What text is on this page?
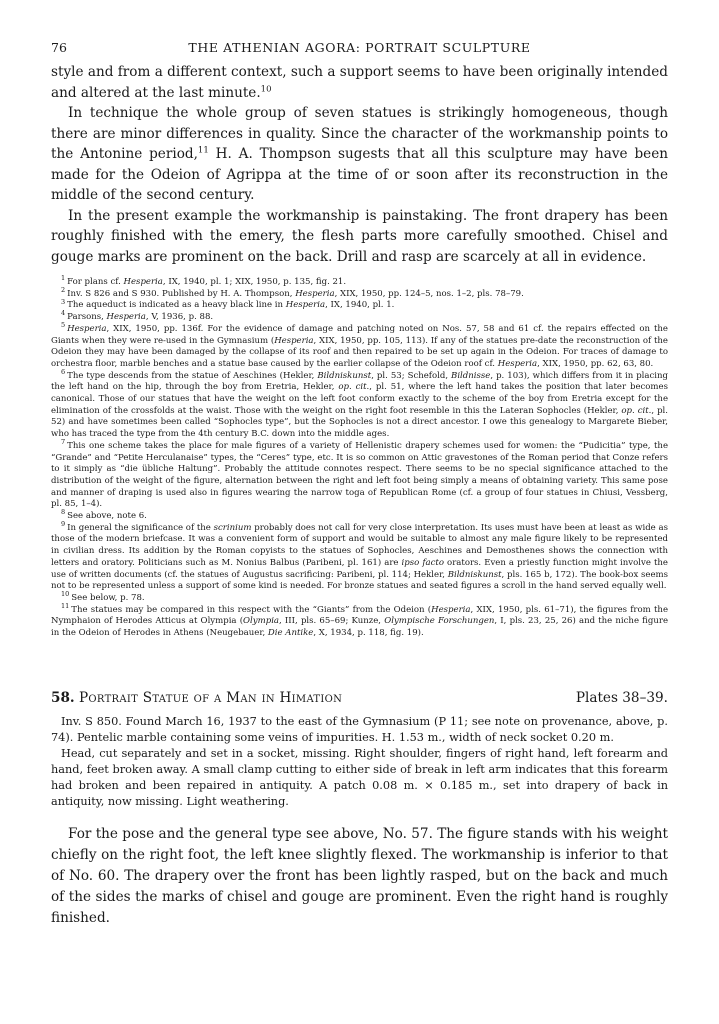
76	THE ATHENIAN AGORA: PORTRAIT SCULPTURE

style and from a different context, such a support seems to have been originally intended and altered at the last minute.$^{10}$

In technique the whole group of seven statues is strikingly homogeneous, though there are minor differences in quality. Since the character of the workmanship points to the Antonine period,$^{11}$ H. A. Thompson sugests that all this sculpture may have been made for the Odeion of Agrippa at the time of or soon after its reconstruction in the middle of the second century.

In the present example the workmanship is painstaking. The front drapery has been roughly finished with the emery, the flesh parts more carefully smoothed. Chisel and gouge marks are prominent on the back. Drill and rasp are scarcely at all in evidence.

$^1$ For plans cf. Hesperia, IX, 1940, pl. 1; XIX, 1950, p. 135, fig. 21.

$^2$ Inv. S 826 and S 930. Published by H. A. Thompson, Hesperia, XIX, 1950, pp. 124–5, nos. 1–2, pls. 78–79.

$^3$ The aqueduct is indicated as a heavy black line in Hesperia, IX, 1940, pl. 1.

$^4$ Parsons, Hesperia, V, 1936, p. 88.

$^5$ Hesperia, XIX, 1950, pp. 136f. For the evidence of damage and patching noted on Nos. 57, 58 and 61 cf. the repairs effected on the Giants when they were re-used in the Gymnasium (Hesperia, XIX, 1950, pp. 105, 113). If any of the statues pre-date the reconstruction of the Odeion they may have been damaged by the collapse of its roof and then repaired to be set up again in the Odeion. For traces of damage to orchestra floor, marble benches and a statue base caused by the earlier collapse of the Odeion roof cf. Hesperia, XIX, 1950, pp. 62, 63, 80.

$^6$ The type descends from the statue of Aeschines (Hekler, Bildniskunst, pl. 53; Schefold, Bildnisse, p. 103), which differs from it in placing the left hand on the hip, through the boy from Eretria, Hekler, op. cit., pl. 51, where the left hand takes the position that later becomes canonical. Those of our statues that have the weight on the left foot conform exactly to the scheme of the boy from Eretria except for the elimination of the crossfolds at the waist. Those with the weight on the right foot resemble in this the Lateran Sophocles (Hekler, op. cit., pl. 52) and have sometimes been called “Sophocles type”, but the Sophocles is not a direct ancestor. I owe this genealogy to Margarete Bieber, who has traced the type from the 4th century B.C. down into the middle ages.

$^7$ This one scheme takes the place for male figures of a variety of Hellenistic drapery schemes used for women: the “Pudicitia” type, the “Grande” and “Petite Herculanaise” types, the “Ceres” type, etc. It is so common on Attic gravestones of the Roman period that Conze refers to it simply as “die übliche Haltung”. Probably the attitude connotes respect. There seems to be no special significance attached to the distribution of the weight of the figure, alternation between the right and left foot being simply a means of obtaining variety. This same pose and manner of draping is used also in figures wearing the narrow toga of Republican Rome (cf. a group of four statues in Chiusi, Vessberg, pl. 85, 1–4).

$^8$ See above, note 6.

$^9$ In general the significance of the scrinium probably does not call for very close interpretation. Its uses must have been at least as wide as those of the modern briefcase. It was a convenient form of support and would be suitable to almost any male figure likely to be represented in civilian dress. Its addition by the Roman copyists to the statues of Sophocles, Aeschines and Demosthenes shows the connection with letters and oratory. Politicians such as M. Nonius Balbus (Paribeni, pl. 161) are ipso facto orators. Even a priestly function might involve the use of written documents (cf. the statues of Augustus sacrificing: Paribeni, pl. 114; Hekler, Bildniskunst, pls. 165 b, 172). The book-box seems not to be represented unless a support of some kind is needed. For bronze statues and seated figures a scroll in the hand served equally well.

$^{10}$ See below, p. 78.

$^{11}$ The statues may be compared in this respect with the “Giants” from the Odeion (Hesperia, XIX, 1950, pls. 61–71), the figures from the Nymphaion of Herodes Atticus at Olympia (Olympia, III, pls. 65–69; Kunze, Olympische Forschungen, I, pls. 23, 25, 26) and the niche figure in the Odeion of Herodes in Athens (Neugebauer, Die Antike, X, 1934, p. 118, fig. 19).

58. Portrait Statue of a Man in Himation	Plates 38–39.

Inv. S 850. Found March 16, 1937 to the east of the Gymnasium (P 11; see note on provenance, above, p. 74). Pentelic marble containing some veins of impurities. H. 1.53 m., width of neck socket 0.20 m.

Head, cut separately and set in a socket, missing. Right shoulder, fingers of right hand, left forearm and hand, feet broken away. A small clamp cutting to either side of break in left arm indicates that this forearm had broken and been repaired in antiquity. A patch 0.08 m. × 0.185 m., set into drapery of back in antiquity, now missing. Light weathering.

For the pose and the general type see above, No. 57. The figure stands with his weight chiefly on the right foot, the left knee slightly flexed. The workmanship is inferior to that of No. 60. The drapery over the front has been lightly rasped, but on the back and much of the sides the marks of chisel and gouge are prominent. Even the right hand is roughly finished.
